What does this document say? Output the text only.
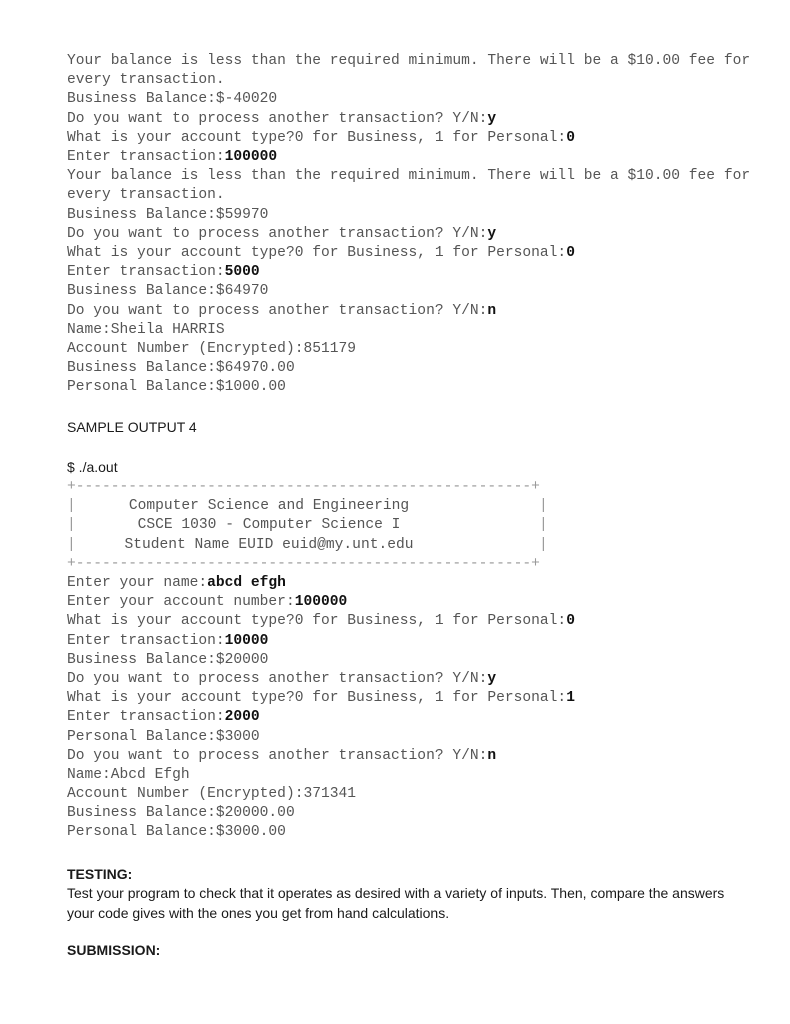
Your balance is less than the required minimum. There will be a $10.00 fee for every transaction.
Business Balance:$-40020
Do you want to process another transaction? Y/N:y
What is your account type?0 for Business, 1 for Personal:0
Enter transaction:100000
Your balance is less than the required minimum. There will be a $10.00 fee for every transaction.
Business Balance:$59970
Do you want to process another transaction? Y/N:y
What is your account type?0 for Business, 1 for Personal:0
Enter transaction:5000
Business Balance:$64970
Do you want to process another transaction? Y/N:n
Name:Sheila HARRIS
Account Number (Encrypted):851179
Business Balance:$64970.00
Personal Balance:$1000.00
SAMPLE OUTPUT 4
$ ./a.out
+----------------------------------------------------+
|	Computer Science and Engineering	|
|	CSCE 1030 - Computer Science I	|
|	Student Name EUID euid@my.unt.edu	|
+----------------------------------------------------+
Enter your name:abcd efgh
Enter your account number:100000
What is your account type?0 for Business, 1 for Personal:0
Enter transaction:10000
Business Balance:$20000
Do you want to process another transaction? Y/N:y
What is your account type?0 for Business, 1 for Personal:1
Enter transaction:2000
Personal Balance:$3000
Do you want to process another transaction? Y/N:n
Name:Abcd Efgh
Account Number (Encrypted):371341
Business Balance:$20000.00
Personal Balance:$3000.00
TESTING:
Test your program to check that it operates as desired with a variety of inputs. Then, compare the answers your code gives with the ones you get from hand calculations.
SUBMISSION:
